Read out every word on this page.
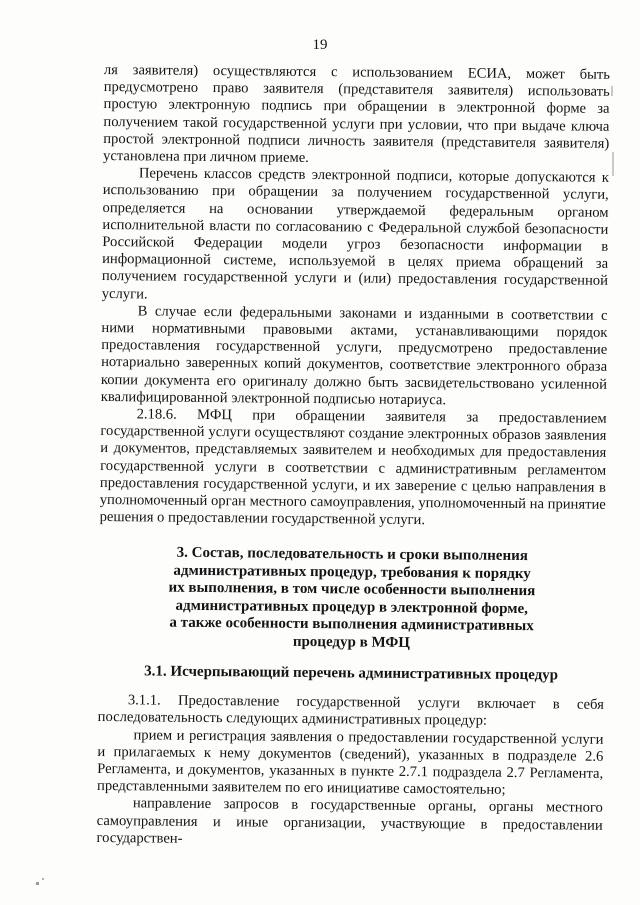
19

ля заявителя) осуществляются с использованием ЕСИА, может быть предусмотрено право заявителя (представителя заявителя) использовать простую электронную подпись при обращении в электронной форме за получением такой государственной услуги при условии, что при выдаче ключа простой электронной подписи личность заявителя (представителя заявителя) установлена при личном приеме.

Перечень классов средств электронной подписи, которые допускаются к использованию при обращении за получением государственной услуги, определяется на основании утверждаемой федеральным органом исполнительной власти по согласованию с Федеральной службой безопасности Российской Федерации модели угроз безопасности информации в информационной системе, используемой в целях приема обращений за получением государственной услуги и (или) предоставления государственной услуги.

В случае если федеральными законами и изданными в соответствии с ними нормативными правовыми актами, устанавливающими порядок предоставления государственной услуги, предусмотрено предоставление нотариально заверенных копий документов, соответствие электронного образа копии документа его оригиналу должно быть засвидетельствовано усиленной квалифицированной электронной подписью нотариуса.

2.18.6. МФЦ при обращении заявителя за предоставлением государственной услуги осуществляют создание электронных образов заявления и документов, представляемых заявителем и необходимых для предоставления государственной услуги в соответствии с административным регламентом предоставления государственной услуги, и их заверение с целью направления в уполномоченный орган местного самоуправления, уполномоченный на принятие решения о предоставлении государственной услуги.

3. Состав, последовательность и сроки выполнения
административных процедур, требования к порядку
их выполнения, в том числе особенности выполнения
административных процедур в электронной форме,
а также особенности выполнения административных
процедур в МФЦ
3.1. Исчерпывающий перечень административных процедур

3.1.1. Предоставление государственной услуги включает в себя последовательность следующих административных процедур:

прием и регистрация заявления о предоставлении государственной услуги и прилагаемых к нему документов (сведений), указанных в подразделе 2.6 Регламента, и документов, указанных в пункте 2.7.1 подраздела 2.7 Регламента, представленными заявителем по его инициативе самостоятельно;

направление запросов в государственные органы, органы местного самоуправления и иные организации, участвующие в предоставлении государствен-
